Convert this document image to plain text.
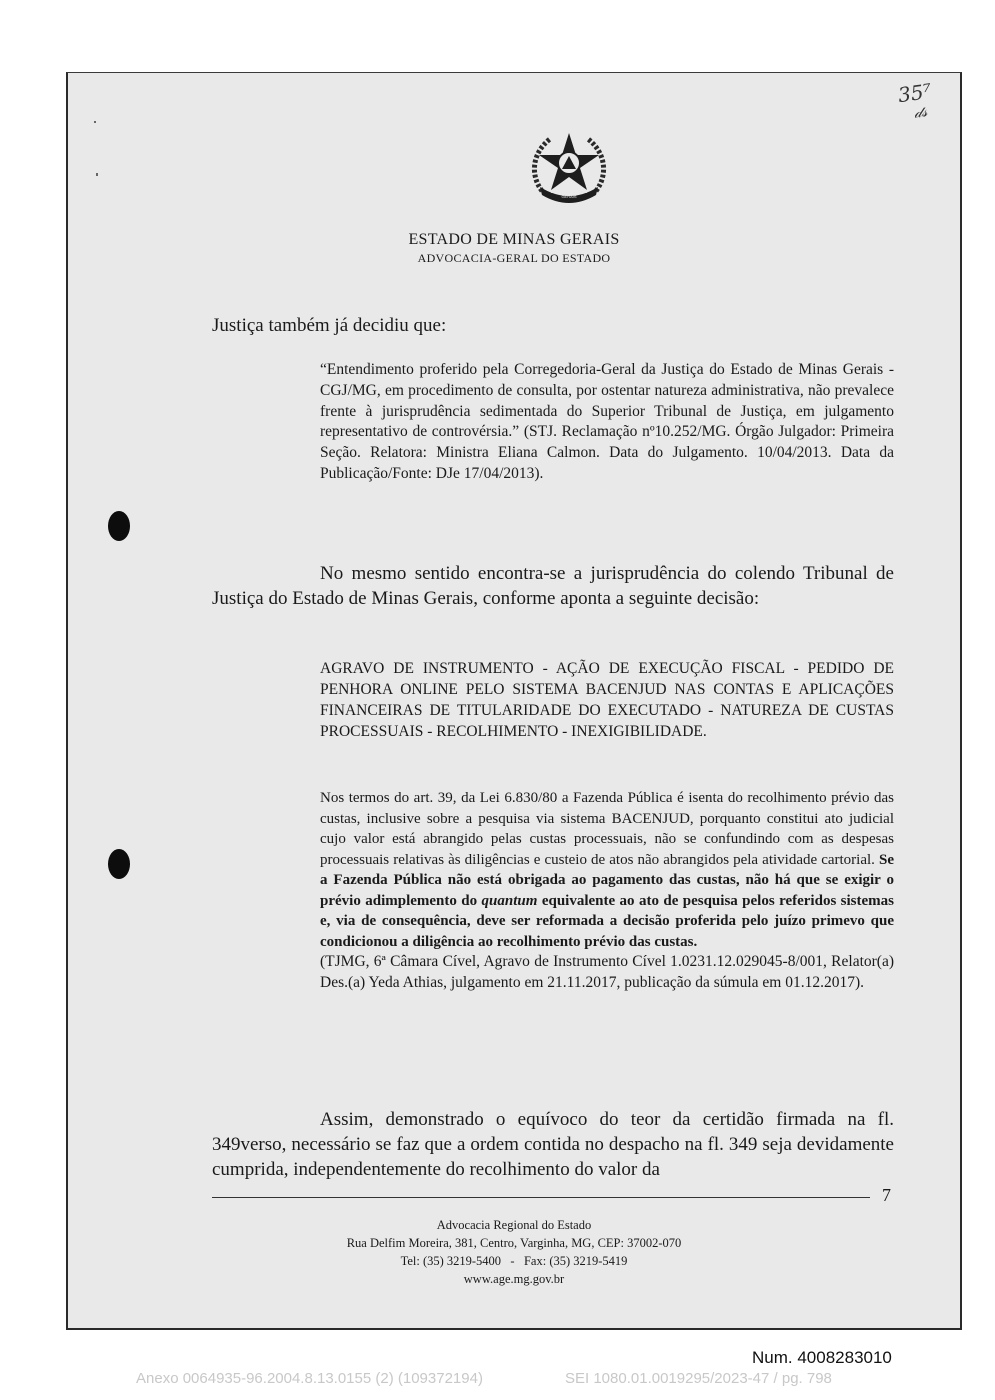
35⁷
𝒹𝓈
ESTADO DE MINAS GERAIS
ESTADO DE MINAS GERAIS
ADVOCACIA-GERAL DO ESTADO
Justiça também já decidiu que:
“Entendimento proferido pela Corregedoria-Geral da Justiça do Estado de Minas Gerais - CGJ/MG, em procedimento de consulta, por ostentar natureza administrativa, não prevalece frente à jurisprudência sedimentada do Superior Tribunal de Justiça, em julgamento representativo de controvérsia.” (STJ. Reclamação nº10.252/MG. Órgão Julgador: Primeira Seção. Relatora: Ministra Eliana Calmon. Data do Julgamento. 10/04/2013. Data da Publicação/Fonte: DJe 17/04/2013).
No mesmo sentido encontra-se a jurisprudência do colendo Tribunal de Justiça do Estado de Minas Gerais, conforme aponta a seguinte decisão:
AGRAVO DE INSTRUMENTO - AÇÃO DE EXECUÇÃO FISCAL - PEDIDO DE PENHORA ONLINE PELO SISTEMA BACENJUD NAS CONTAS E APLICAÇÕES FINANCEIRAS DE TITULARIDADE DO EXECUTADO - NATUREZA DE CUSTAS PROCESSUAIS - RECOLHIMENTO - INEXIGIBILIDADE.
Nos termos do art. 39, da Lei 6.830/80 a Fazenda Pública é isenta do recolhimento prévio das custas, inclusive sobre a pesquisa via sistema BACENJUD, porquanto constitui ato judicial cujo valor está abrangido pelas custas processuais, não se confundindo com as despesas processuais relativas às diligências e custeio de atos não abrangidos pela atividade cartorial. Se a Fazenda Pública não está obrigada ao pagamento das custas, não há que se exigir o prévio adimplemento do quantum equivalente ao ato de pesquisa pelos referidos sistemas e, via de consequência, deve ser reformada a decisão proferida pelo juízo primevo que condicionou a diligência ao recolhimento prévio das custas.
(TJMG, 6ª Câmara Cível, Agravo de Instrumento Cível 1.0231.12.029045-8/001, Relator(a) Des.(a) Yeda Athias, julgamento em 21.11.2017, publicação da súmula em 01.12.2017).
Assim, demonstrado o equívoco do teor da certidão firmada na fl. 349verso, necessário se faz que a ordem contida no despacho na fl. 349 seja devidamente cumprida, independentemente do recolhimento do valor da
7
Advocacia Regional do Estado
Rua Delfim Moreira, 381, Centro, Varginha, MG, CEP: 37002-070
Tel: (35) 3219-5400   -   Fax: (35) 3219-5419
www.age.mg.gov.br
Num. 4008283010
Anexo 0064935-96.2004.8.13.0155 (2) (109372194)	SEI 1080.01.0019295/2023-47 / pg. 798
